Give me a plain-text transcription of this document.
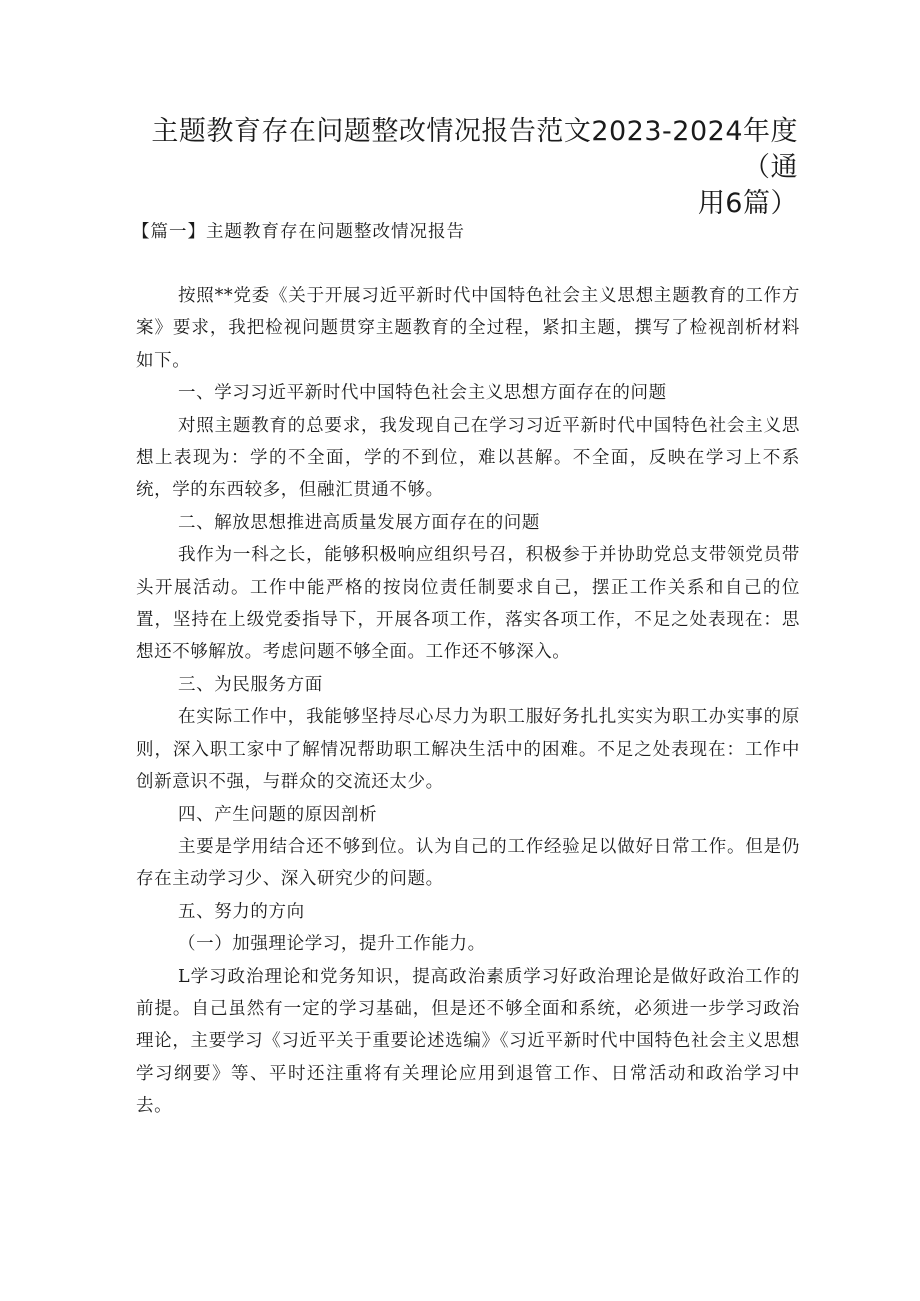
主题教育存在问题整改情况报告范文2023-2024年度（通
用6篇）

【篇一】主题教育存在问题整改情况报告

按照**党委《关于开展习近平新时代中国特色社会主义思想主题教育的工作方案》要求，我把检视问题贯穿主题教育的全过程，紧扣主题，撰写了检视剖析材料如下。

一、学习习近平新时代中国特色社会主义思想方面存在的问题

对照主题教育的总要求，我发现自己在学习习近平新时代中国特色社会主义思想上表现为：学的不全面，学的不到位，难以甚解。不全面，反映在学习上不系统，学的东西较多，但融汇贯通不够。

二、解放思想推进高质量发展方面存在的问题

我作为一科之长，能够积极响应组织号召，积极参于并协助党总支带领党员带头开展活动。工作中能严格的按岗位责任制要求自己，摆正工作关系和自己的位置，坚持在上级党委指导下，开展各项工作，落实各项工作，不足之处表现在：思想还不够解放。考虑问题不够全面。工作还不够深入。

三、为民服务方面

在实际工作中，我能够坚持尽心尽力为职工服好务扎扎实实为职工办实事的原则，深入职工家中了解情况帮助职工解决生活中的困难。不足之处表现在：工作中创新意识不强，与群众的交流还太少。

四、产生问题的原因剖析

主要是学用结合还不够到位。认为自己的工作经验足以做好日常工作。但是仍存在主动学习少、深入研究少的问题。

五、努力的方向

（一）加强理论学习，提升工作能力。

L学习政治理论和党务知识，提高政治素质学习好政治理论是做好政治工作的前提。自己虽然有一定的学习基础，但是还不够全面和系统，必须进一步学习政治理论，主要学习《习近平关于重要论述选编》《习近平新时代中国特色社会主义思想学习纲要》等、平时还注重将有关理论应用到退管工作、日常活动和政治学习中去。
